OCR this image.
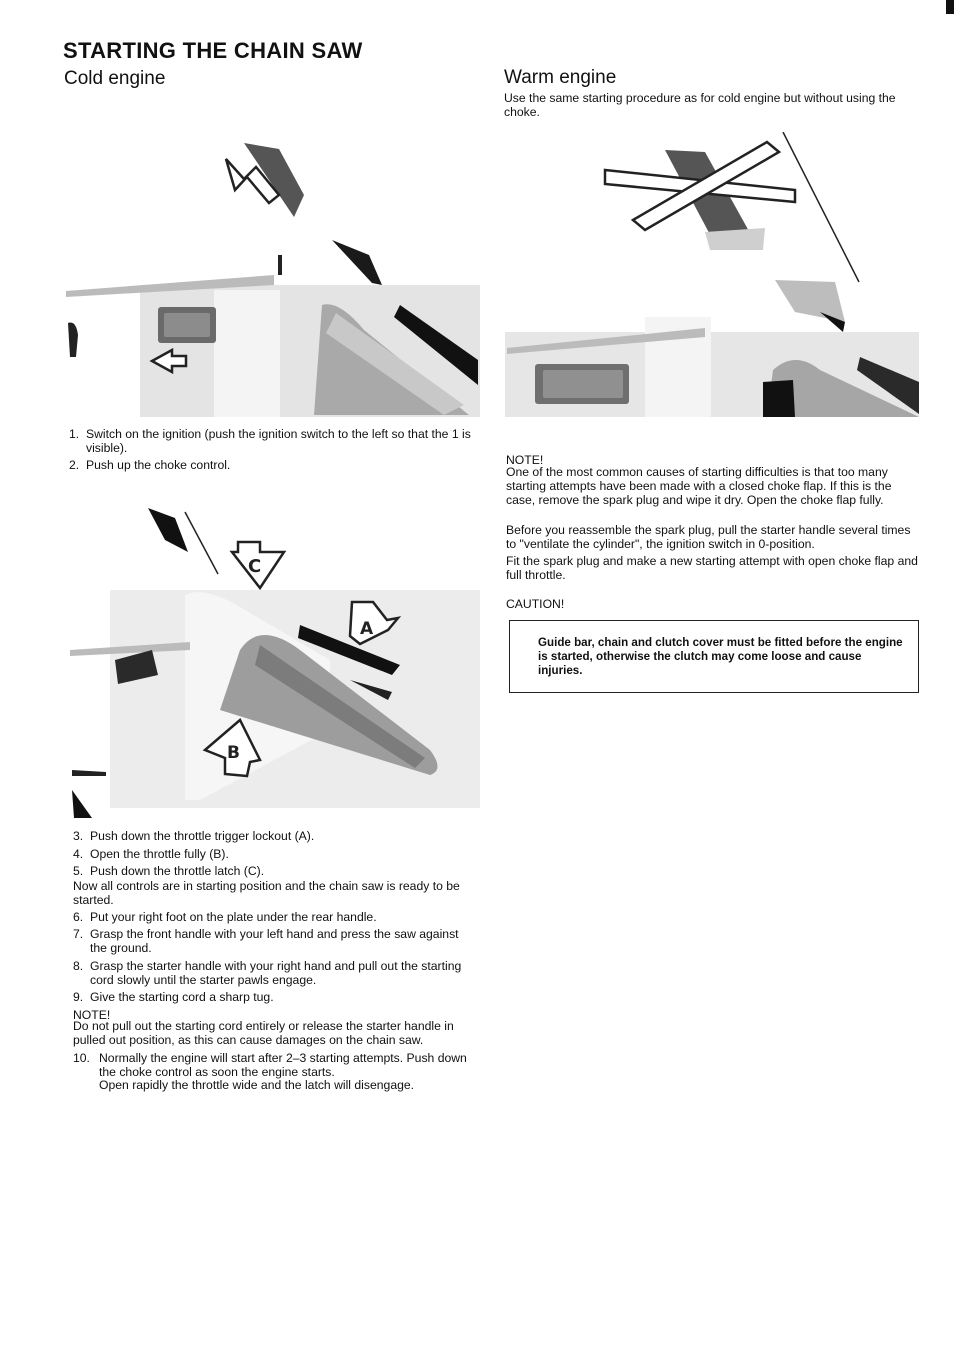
STARTING THE CHAIN SAW
Cold engine	Warm engine

Use the same starting procedure as for cold engine but without using the choke.

1. Switch on the ignition (push the ignition switch to the left so that the 1 is visible).
2. Push up the choke control.	NOTE!

One of the most common causes of starting difficulties is that too many starting attempts have been made with a closed choke flap. If this is the case, remove the spark plug and wipe it dry. Open the choke flap fully.

Before you reassemble the spark plug, pull the starter handle several times to "ventilate the cylinder", the ignition switch in 0-position.

Fit the spark plug and make a new starting attempt with open choke flap and full throttle.

CAUTION!

Guide bar, chain and clutch cover must be fitted before the engine is started, otherwise the clutch may come loose and cause injuries.

C
A
B
3. Push down the throttle trigger lockout (A).
4. Open the throttle fully (B).
5. Push down the throttle latch (C).

Now all controls are in starting position and the chain saw is ready to be started.

6. Put your right foot on the plate under the rear handle.
7. Grasp the front handle with your left hand and press the saw against the ground.
8. Grasp the starter handle with your right hand and pull out the starting cord slowly until the starter pawls engage.
9. Give the starting cord a sharp tug.

NOTE!

Do not pull out the starting cord entirely or release the starter handle in pulled out position, as this can cause damages on the chain saw.

10. Normally the engine will start after 2–3 starting attempts. Push down the choke control as soon the engine starts.
Open rapidly the throttle wide and the latch will disengage.
